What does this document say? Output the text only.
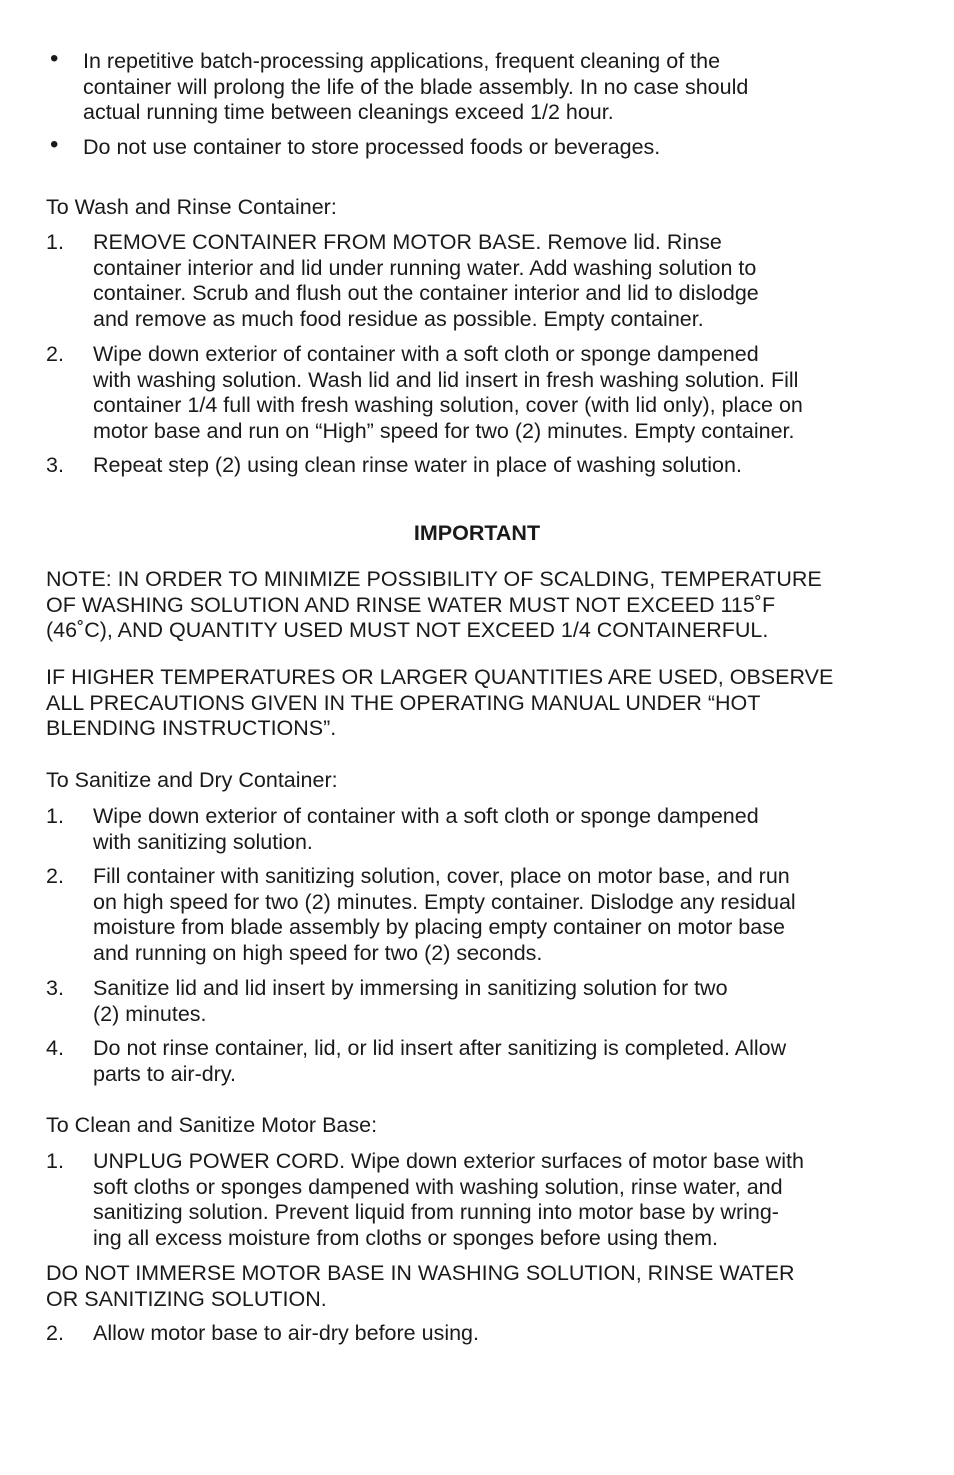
• In repetitive batch-processing applications, frequent cleaning of the
container will prolong the life of the blade assembly. In no case should
actual running time between cleanings exceed 1/2 hour.
• Do not use container to store processed foods or beverages.
To Wash and Rinse Container:
1. REMOVE CONTAINER FROM MOTOR BASE. Remove lid. Rinse
container interior and lid under running water. Add washing solution to
container. Scrub and flush out the container interior and lid to dislodge
and remove as much food residue as possible. Empty container.
2. Wipe down exterior of container with a soft cloth or sponge dampened
with washing solution. Wash lid and lid insert in fresh washing solution. Fill
container 1/4 full with fresh washing solution, cover (with lid only), place on
motor base and run on “High” speed for two (2) minutes. Empty container.
3. Repeat step (2) using clean rinse water in place of washing solution.
IMPORTANT
NOTE: IN ORDER TO MINIMIZE POSSIBILITY OF SCALDING, TEMPERATURE
OF WASHING SOLUTION AND RINSE WATER MUST NOT EXCEED 115˚F
(46˚C), AND QUANTITY USED MUST NOT EXCEED 1/4 CONTAINERFUL.
IF HIGHER TEMPERATURES OR LARGER QUANTITIES ARE USED, OBSERVE
ALL PRECAUTIONS GIVEN IN THE OPERATING MANUAL UNDER “HOT
BLENDING INSTRUCTIONS”.
To Sanitize and Dry Container:
1. Wipe down exterior of container with a soft cloth or sponge dampened
with sanitizing solution.
2. Fill container with sanitizing solution, cover, place on motor base, and run
on high speed for two (2) minutes. Empty container. Dislodge any residual
moisture from blade assembly by placing empty container on motor base
and running on high speed for two (2) seconds.
3. Sanitize lid and lid insert by immersing in sanitizing solution for two
(2) minutes.
4. Do not rinse container, lid, or lid insert after sanitizing is completed. Allow
parts to air-dry.
To Clean and Sanitize Motor Base:
1. UNPLUG POWER CORD. Wipe down exterior surfaces of motor base with
soft cloths or sponges dampened with washing solution, rinse water, and
sanitizing solution. Prevent liquid from running into motor base by wring-
ing all excess moisture from cloths or sponges before using them.
DO NOT IMMERSE MOTOR BASE IN WASHING SOLUTION, RINSE WATER
OR SANITIZING SOLUTION.
2. Allow motor base to air-dry before using.
